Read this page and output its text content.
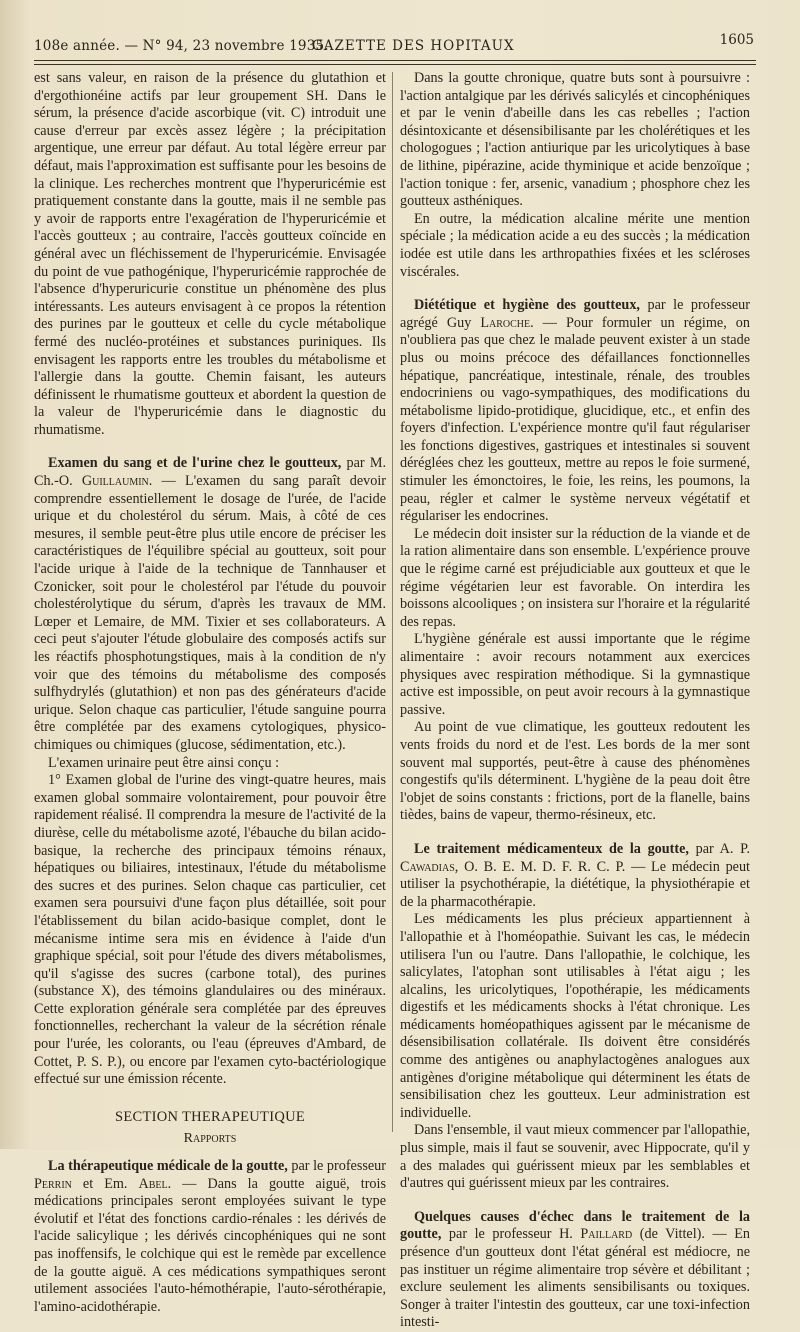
108e année. — N° 94, 23 novembre 1935.
GAZETTE DES HOPITAUX	1605

est sans valeur, en raison de la présence du glutathion et d'ergothionéine actifs par leur groupement SH. Dans le sérum, la présence d'acide ascorbique (vit. C) introduit une cause d'erreur par excès assez légère ; la précipitation argentique, une erreur par défaut. Au total légère erreur par défaut, mais l'approximation est suffisante pour les besoins de la clinique. Les recherches montrent que l'hyperuricémie est pratiquement constante dans la goutte, mais il ne semble pas y avoir de rapports entre l'exagération de l'hyperuricémie et l'accès goutteux ; au contraire, l'accès goutteux coïncide en général avec un fléchissement de l'hyperuricémie. Envisagée du point de vue pathogénique, l'hyperuricémie rapprochée de l'absence d'hyperuricurie constitue un phénomène des plus intéressants. Les auteurs envisagent à ce propos la rétention des purines par le goutteux et celle du cycle métabolique fermé des nucléo-protéines et substances puriniques. Ils envisagent les rapports entre les troubles du métabolisme et l'allergie dans la goutte. Chemin faisant, les auteurs définissent le rhumatisme goutteux et abordent la question de la valeur de l'hyperuricémie dans le diagnostic du rhumatisme.

Examen du sang et de l'urine chez le goutteux, par M. Ch.-O. Guillaumin. — L'examen du sang paraît devoir comprendre essentiellement le dosage de l'urée, de l'acide urique et du cholestérol du sérum. Mais, à côté de ces mesures, il semble peut-être plus utile encore de préciser les caractéristiques de l'équilibre spécial au goutteux, soit pour l'acide urique à l'aide de la technique de Tannhauser et Czonicker, soit pour le cholestérol par l'étude du pouvoir cholestérolytique du sérum, d'après les travaux de MM. Lœper et Lemaire, de MM. Tixier et ses collaborateurs. A ceci peut s'ajouter l'étude globulaire des composés actifs sur les réactifs phosphotungstiques, mais à la condition de n'y voir que des témoins du métabolisme des composés sulfhydrylés (glutathion) et non pas des générateurs d'acide urique. Selon chaque cas particulier, l'étude sanguine pourra être complétée par des examens cytologiques, physico-chimiques ou chimiques (glucose, sédimentation, etc.).

L'examen urinaire peut être ainsi conçu :

1° Examen global de l'urine des vingt-quatre heures, mais examen global sommaire volontairement, pour pouvoir être rapidement réalisé. Il comprendra la mesure de l'activité de la diurèse, celle du métabolisme azoté, l'ébauche du bilan acido-basique, la recherche des principaux témoins rénaux, hépatiques ou biliaires, intestinaux, l'étude du métabolisme des sucres et des purines. Selon chaque cas particulier, cet examen sera poursuivi d'une façon plus détaillée, soit pour l'établissement du bilan acido-basique complet, dont le mécanisme intime sera mis en évidence à l'aide d'un graphique spécial, soit pour l'étude des divers métabolismes, qu'il s'agisse des sucres (carbone total), des purines (substance X), des témoins glandulaires ou des minéraux. Cette exploration générale sera complétée par des épreuves fonctionnelles, recherchant la valeur de la sécrétion rénale pour l'urée, les colorants, ou l'eau (épreuves d'Ambard, de Cottet, P. S. P.), ou encore par l'examen cyto-bactériologique effectué sur une émission récente.

SECTION THERAPEUTIQUE
Rapports

La thérapeutique médicale de la goutte, par le professeur Perrin et Em. Abel. — Dans la goutte aiguë, trois médications principales seront employées suivant le type évolutif et l'état des fonctions cardio-rénales : les dérivés de l'acide salicylique ; les dérivés cincophéniques qui ne sont pas inoffensifs, le colchique qui est le remède par excellence de la goutte aiguë. A ces médications sympathiques seront utilement associées l'auto-hémothérapie, l'auto-sérothérapie, l'amino-acidothérapie.

Dans la goutte chronique, quatre buts sont à poursuivre : l'action antalgique par les dérivés salicylés et cincophéniques et par le venin d'abeille dans les cas rebelles ; l'action désintoxicante et désensibilisante par les cholérétiques et les chologogues ; l'action antiurique par les uricolytiques à base de lithine, pipérazine, acide thyminique et acide benzoïque ; l'action tonique : fer, arsenic, vanadium ; phosphore chez les goutteux asthéniques.

En outre, la médication alcaline mérite une mention spéciale ; la médication acide a eu des succès ; la médication iodée est utile dans les arthropathies fixées et les scléroses viscérales.

Diététique et hygiène des goutteux, par le professeur agrégé Guy Laroche. — Pour formuler un régime, on n'oubliera pas que chez le malade peuvent exister à un stade plus ou moins précoce des défaillances fonctionnelles hépatique, pancréatique, intestinale, rénale, des troubles endocriniens ou vago-sympathiques, des modifications du métabolisme lipido-protidique, glucidique, etc., et enfin des foyers d'infection. L'expérience montre qu'il faut régulariser les fonctions digestives, gastriques et intestinales si souvent déréglées chez les goutteux, mettre au repos le foie surmené, stimuler les émonctoires, le foie, les reins, les poumons, la peau, régler et calmer le système nerveux végétatif et régulariser les endocrines.

Le médecin doit insister sur la réduction de la viande et de la ration alimentaire dans son ensemble. L'expérience prouve que le régime carné est préjudiciable aux goutteux et que le régime végétarien leur est favorable. On interdira les boissons alcooliques ; on insistera sur l'horaire et la régularité des repas.

L'hygiène générale est aussi importante que le régime alimentaire : avoir recours notamment aux exercices physiques avec respiration méthodique. Si la gymnastique active est impossible, on peut avoir recours à la gymnastique passive.

Au point de vue climatique, les goutteux redoutent les vents froids du nord et de l'est. Les bords de la mer sont souvent mal supportés, peut-être à cause des phénomènes congestifs qu'ils déterminent. L'hygiène de la peau doit être l'objet de soins constants : frictions, port de la flanelle, bains tièdes, bains de vapeur, thermo-résineux, etc.

Le traitement médicamenteux de la goutte, par A. P. Cawadias, O. B. E. M. D. F. R. C. P. — Le médecin peut utiliser la psychothérapie, la diététique, la physiothérapie et de la pharmacothérapie.

Les médicaments les plus précieux appartiennent à l'allopathie et à l'homéopathie. Suivant les cas, le médecin utilisera l'un ou l'autre. Dans l'allopathie, le colchique, les salicylates, l'atophan sont utilisables à l'état aigu ; les alcalins, les uricolytiques, l'opothérapie, les médicaments digestifs et les médicaments shocks à l'état chronique. Les médicaments homéopathiques agissent par le mécanisme de désensibilisation collatérale. Ils doivent être considérés comme des antigènes ou anaphylactogènes analogues aux antigènes d'origine métabolique qui déterminent les états de sensibilisation chez les goutteux. Leur administration est individuelle.

Dans l'ensemble, il vaut mieux commencer par l'allopathie, plus simple, mais il faut se souvenir, avec Hippocrate, qu'il y a des malades qui guérissent mieux par les semblables et d'autres qui guérissent mieux par les contraires.

Quelques causes d'échec dans le traitement de la goutte, par le professeur H. Paillard (de Vittel). — En présence d'un goutteux dont l'état général est médiocre, ne pas instituer un régime alimentaire trop sévère et débilitant ; exclure seulement les aliments sensibilisants ou toxiques. Songer à traiter l'intestin des goutteux, car une toxi-infection intesti-
